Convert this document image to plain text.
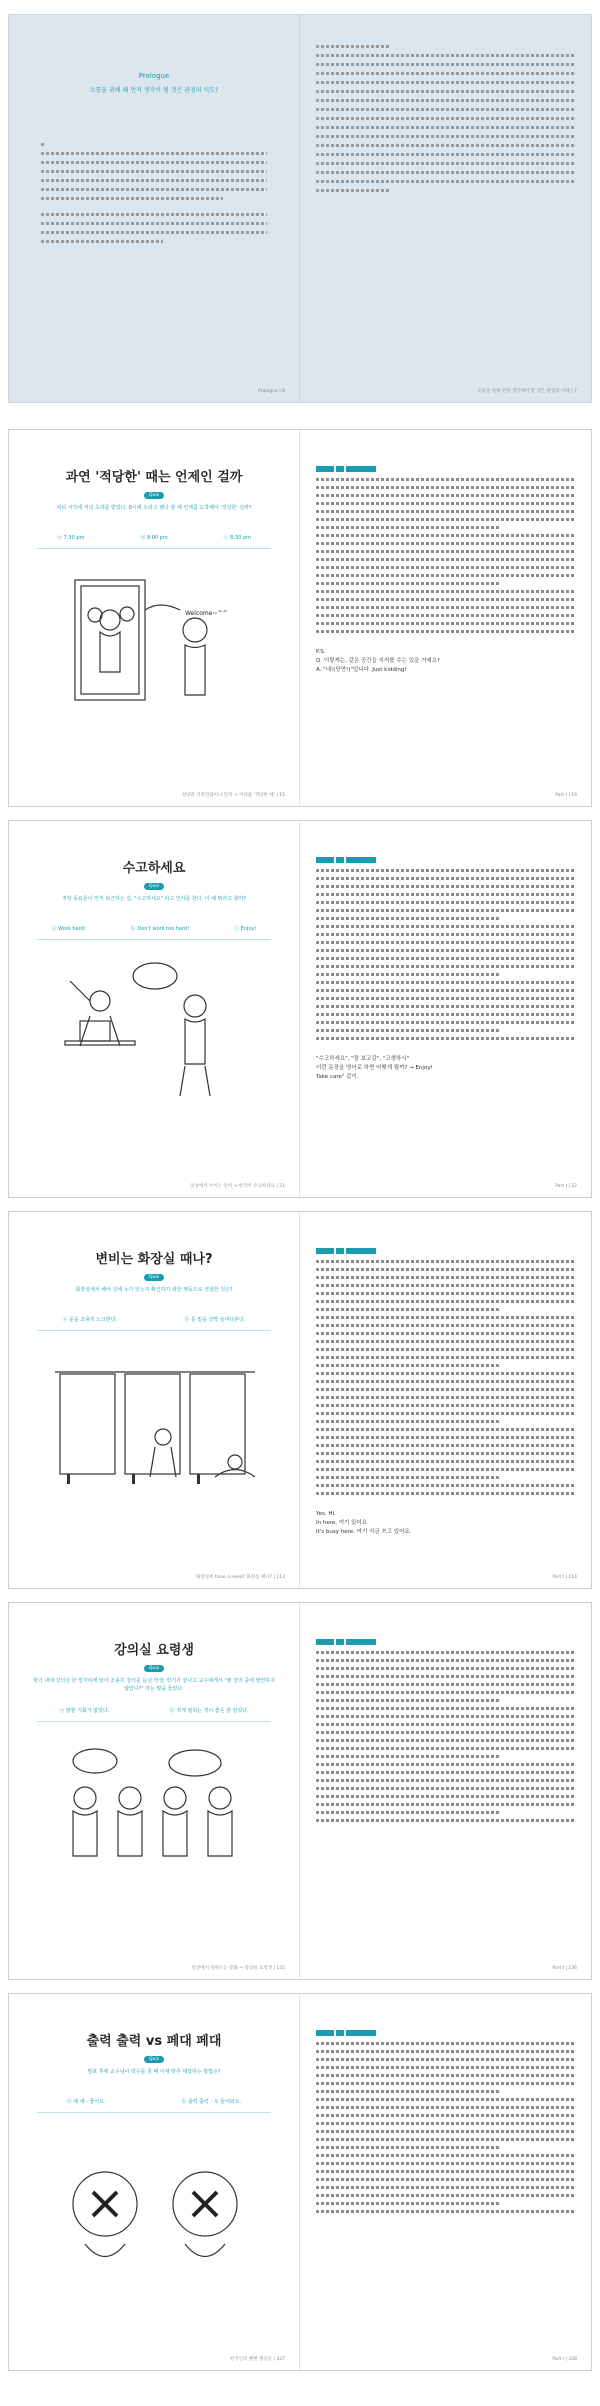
Prologue
소통을 위해 왜 먼저 생각이 될 것은 관점의 익도?
Prologue | 6	소통을 위해 먼저 생각해야 할 것은 관점의 이해 | 7
과연 '적당한' 때는 언제인 걸까
Quiz
파티 시작에 저녁 초대를 받았다. 8시에 오라고 했다 할 때 언제쯤 도착해야 '적당한' 걸까?
ⓐ 7:30 pm	ⓑ 8:00 pm	ⓒ 8:30 pm
Welcome~^^
천당과 지옥만큼이나 먼저 → 어려운 '적당한 때' | 15
P.S.
Q. 이렇게는, 같은 공간을 지켜볼 수는 있을 거예요?
A. "네!(당연!)"입니다. Just kidding!
Part I | 16
수고하세요
Quiz
직장 동료들이 먼저 퇴근하는 길, "수고하세요" 라고 인사를 한다. 이 때 뭐라고 할까?
ⓐ Work hard!	ⓑ Don't work too hard!	ⓒ Enjoy!
일상에서 쓰이는 언어 → 한국어 수고하세요 | 21
"수고하세요", "잘 보고갈", "고생하시"
이런 문장을 영어로 하면 어떻게 될까? → Enjoy!
Take care" 같이.
Part I | 22
변비는 화장실 때나?
Quiz
화장실에서 헤어 진에 누가 있는지 확인하기 위한 행동으로 적절한 것은?
ⓐ 문을 조용히 노크한다.	ⓑ 문 밑을 살짝 들여다본다.
화장실에 have a need? 화장실 때나? | 113
Yes, Hi.
In here. 여기 있어요
It's busy here. 여기 지금 쓰고 있어요.
Part I | 114
강의실 요령생
Quiz
학기 내내 강의실 한 밑자리에 앉아 조용히 강의를 듣던 학생, 학기가 끝나고 교수에게서 "왜 강의 중에 발언하지 않았니?" 라는 말을 들었다.
ⓐ 말할 기회가 없었다.	ⓑ 적게 말하는 것이 좋은 줄 알았다.
일상에서 뒤따르는 문화 → 강의실 요령생 | 135	Part I | 136
출력 출력 vs 페대 페대
Quiz
발표 후에 교수님이 박수를 칠 때 이에 맞추 대답하는 방법은?
ⓐ 예 예 - 좋아요.	ⓑ 출력 출력 - 오 들어와요.
한국인의 뻔뻔 행동들 | 327	Part I | 328
